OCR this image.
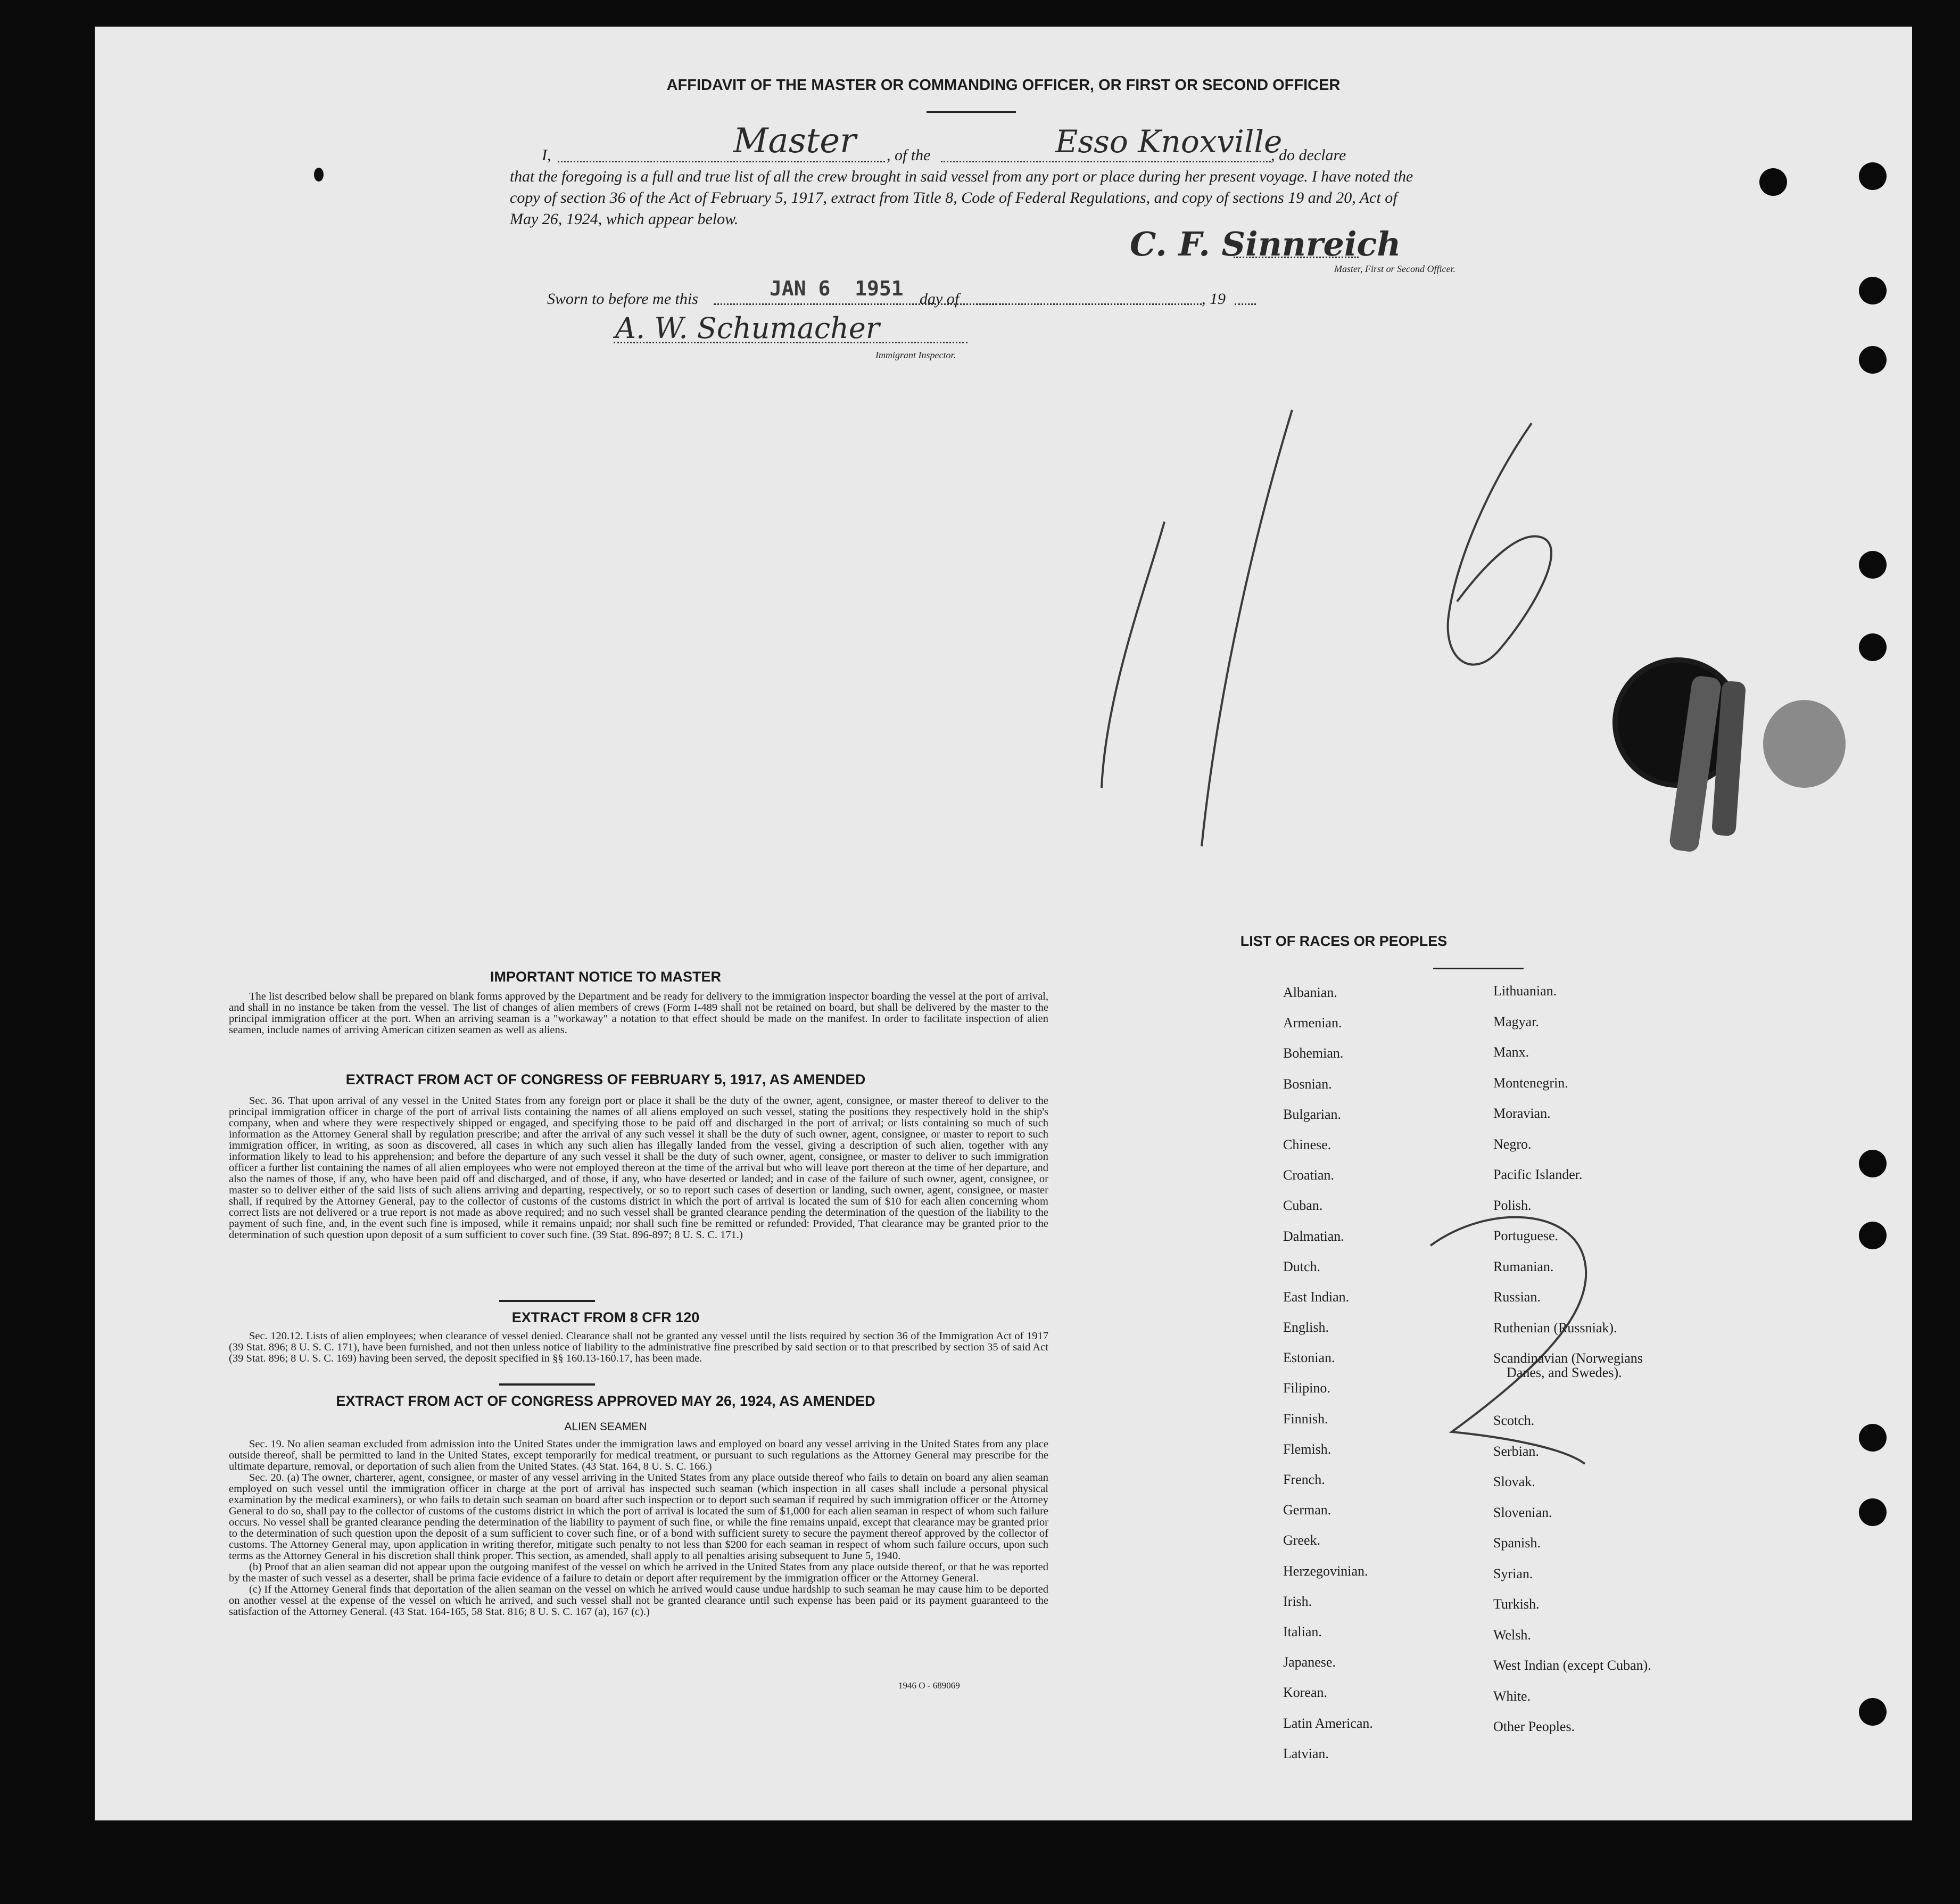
AFFIDAVIT OF THE MASTER OR COMMANDING OFFICER, OR FIRST OR SECOND OFFICER
I,	Master , of the	Esso Knoxville
, do declare
that the foregoing is a full and true list of all the crew brought in said vessel from any port or place during her present voyage. I have noted the
copy of section 36 of the Act of February 5, 1917, extract from Title 8, Code of Federal Regulations, and copy of sections 19 and 20, Act of
May 26, 1924, which appear below.
C. F. Sinnreich
Master, First or Second Officer.
Sworn to before me this	JAN 6  1951 day of	, 19
A. W. Schumacher
Immigrant Inspector.
IMPORTANT NOTICE TO MASTER

The list described below shall be prepared on blank forms approved by the Department and be ready for delivery to the immigration inspector boarding the vessel at the port of arrival, and shall in no instance be taken from the vessel. The list of changes of alien members of crews (Form I-489 shall not be retained on board, but shall be delivered by the master to the principal immigration officer at the port. When an arriving seaman is a "workaway" a notation to that effect should be made on the manifest. In order to facilitate inspection of alien seamen, include names of arriving American citizen seamen as well as aliens.

EXTRACT FROM ACT OF CONGRESS OF FEBRUARY 5, 1917, AS AMENDED

Sec. 36. That upon arrival of any vessel in the United States from any foreign port or place it shall be the duty of the owner, agent, consignee, or master thereof to deliver to the principal immigration officer in charge of the port of arrival lists containing the names of all aliens employed on such vessel, stating the positions they respectively hold in the ship's company, when and where they were respectively shipped or engaged, and specifying those to be paid off and discharged in the port of arrival; or lists containing so much of such information as the Attorney General shall by regulation prescribe; and after the arrival of any such vessel it shall be the duty of such owner, agent, consignee, or master to report to such immigration officer, in writing, as soon as discovered, all cases in which any such alien has illegally landed from the vessel, giving a description of such alien, together with any information likely to lead to his apprehension; and before the departure of any such vessel it shall be the duty of such owner, agent, consignee, or master to deliver to such immigration officer a further list containing the names of all alien employees who were not employed thereon at the time of the arrival but who will leave port thereon at the time of her departure, and also the names of those, if any, who have been paid off and discharged, and of those, if any, who have deserted or landed; and in case of the failure of such owner, agent, consignee, or master so to deliver either of the said lists of such aliens arriving and departing, respectively, or so to report such cases of desertion or landing, such owner, agent, consignee, or master shall, if required by the Attorney General, pay to the collector of customs of the customs district in which the port of arrival is located the sum of $10 for each alien concerning whom correct lists are not delivered or a true report is not made as above required; and no such vessel shall be granted clearance pending the determination of the question of the liability to the payment of such fine, and, in the event such fine is imposed, while it remains unpaid; nor shall such fine be remitted or refunded: Provided, That clearance may be granted prior to the determination of such question upon deposit of a sum sufficient to cover such fine. (39 Stat. 896-897; 8 U. S. C. 171.)

EXTRACT FROM 8 CFR 120

Sec. 120.12. Lists of alien employees; when clearance of vessel denied. Clearance shall not be granted any vessel until the lists required by section 36 of the Immigration Act of 1917 (39 Stat. 896; 8 U. S. C. 171), have been furnished, and not then unless notice of liability to the administrative fine prescribed by said section or to that prescribed by section 35 of said Act (39 Stat. 896; 8 U. S. C. 169) having been served, the deposit specified in §§ 160.13-160.17, has been made.

EXTRACT FROM ACT OF CONGRESS APPROVED MAY 26, 1924, AS AMENDED
ALIEN SEAMEN

Sec. 19. No alien seaman excluded from admission into the United States under the immigration laws and employed on board any vessel arriving in the United States from any place outside thereof, shall be permitted to land in the United States, except temporarily for medical treatment, or pursuant to such regulations as the Attorney General may prescribe for the ultimate departure, removal, or deportation of such alien from the United States. (43 Stat. 164, 8 U. S. C. 166.)

Sec. 20. (a) The owner, charterer, agent, consignee, or master of any vessel arriving in the United States from any place outside thereof who fails to detain on board any alien seaman employed on such vessel until the immigration officer in charge at the port of arrival has inspected such seaman (which inspection in all cases shall include a personal physical examination by the medical examiners), or who fails to detain such seaman on board after such inspection or to deport such seaman if required by such immigration officer or the Attorney General to do so, shall pay to the collector of customs of the customs district in which the port of arrival is located the sum of $1,000 for each alien seaman in respect of whom such failure occurs. No vessel shall be granted clearance pending the determination of the liability to payment of such fine, or while the fine remains unpaid, except that clearance may be granted prior to the determination of such question upon the deposit of a sum sufficient to cover such fine, or of a bond with sufficient surety to secure the payment thereof approved by the collector of customs. The Attorney General may, upon application in writing therefor, mitigate such penalty to not less than $200 for each seaman in respect of whom such failure occurs, upon such terms as the Attorney General in his discretion shall think proper. This section, as amended, shall apply to all penalties arising subsequent to June 5, 1940.

(b) Proof that an alien seaman did not appear upon the outgoing manifest of the vessel on which he arrived in the United States from any place outside thereof, or that he was reported by the master of such vessel as a deserter, shall be prima facie evidence of a failure to detain or deport after requirement by the immigration officer or the Attorney General.

(c) If the Attorney General finds that deportation of the alien seaman on the vessel on which he arrived would cause undue hardship to such seaman he may cause him to be deported on another vessel at the expense of the vessel on which he arrived, and such vessel shall not be granted clearance until such expense has been paid or its payment guaranteed to the satisfaction of the Attorney General. (43 Stat. 164-165, 58 Stat. 816; 8 U. S. C. 167 (a), 167 (c).)

1946 O - 689069
LIST OF RACES OR PEOPLES
Albanian.
Armenian.
Bohemian.
Bosnian.
Bulgarian.
Chinese.
Croatian.
Cuban.
Dalmatian.
Dutch.
East Indian.
English.
Estonian.
Filipino.
Finnish.
Flemish.
French.
German.
Greek.
Herzegovinian.
Irish.
Italian.
Japanese.
Korean.
Latin American.
Latvian.
Lithuanian.
Magyar.
Manx.
Montenegrin.
Moravian.
Negro.
Pacific Islander.
Polish.
Portuguese.
Rumanian.
Russian.
Ruthenian (Russniak).
Scandinavian (Norwegians
Danes, and Swedes).
Scotch.
Serbian.
Slovak.
Slovenian.
Spanish.
Syrian.
Turkish.
Welsh.
West Indian (except Cuban).
White.
Other Peoples.
